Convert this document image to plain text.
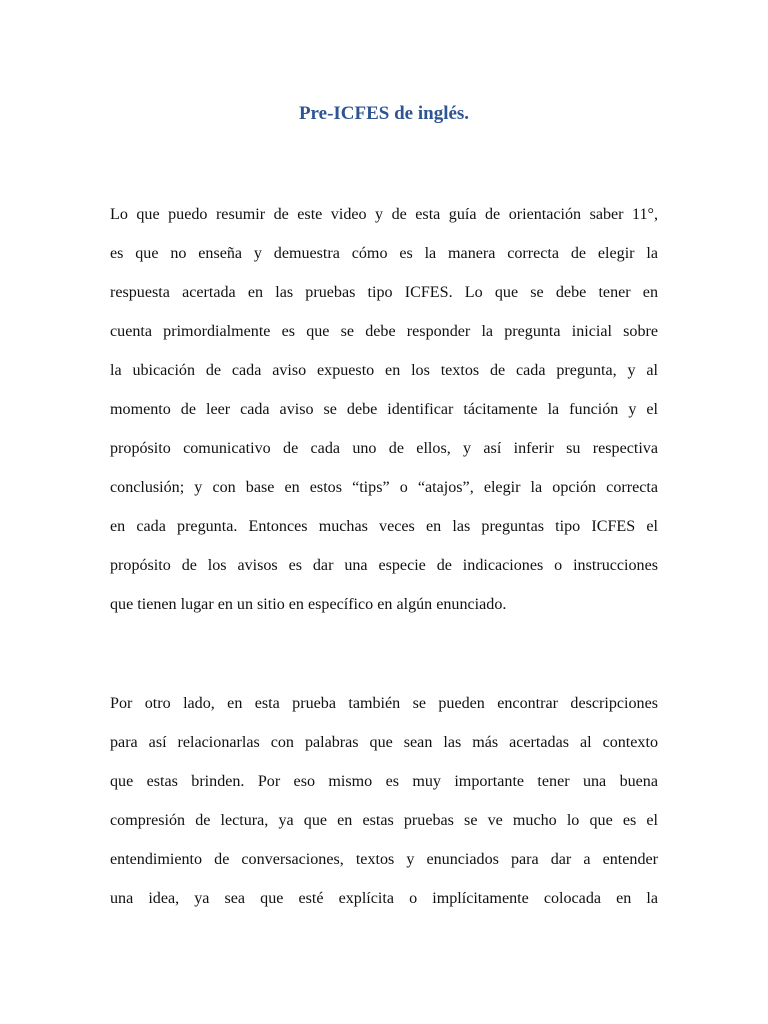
Pre-ICFES de inglés.
Lo que puedo resumir de este video y de esta guía de orientación saber 11°,
es que no enseña y demuestra cómo es la manera correcta de elegir la
respuesta acertada en las pruebas tipo ICFES. Lo que se debe tener en
cuenta primordialmente es que se debe responder la pregunta inicial sobre
la ubicación de cada aviso expuesto en los textos de cada pregunta, y al
momento de leer cada aviso se debe identificar tácitamente la función y el
propósito comunicativo de cada uno de ellos, y así inferir su respectiva
conclusión; y con base en estos “tips” o “atajos”, elegir la opción correcta
en cada pregunta. Entonces muchas veces en las preguntas tipo ICFES el
propósito de los avisos es dar una especie de indicaciones o instrucciones
que tienen lugar en un sitio en específico en algún enunciado.
Por otro lado, en esta prueba también se pueden encontrar descripciones
para así relacionarlas con palabras que sean las más acertadas al contexto
que estas brinden. Por eso mismo es muy importante tener una buena
compresión de lectura, ya que en estas pruebas se ve mucho lo que es el
entendimiento de conversaciones, textos y enunciados para dar a entender
una idea, ya sea que esté explícita o implícitamente colocada en la
